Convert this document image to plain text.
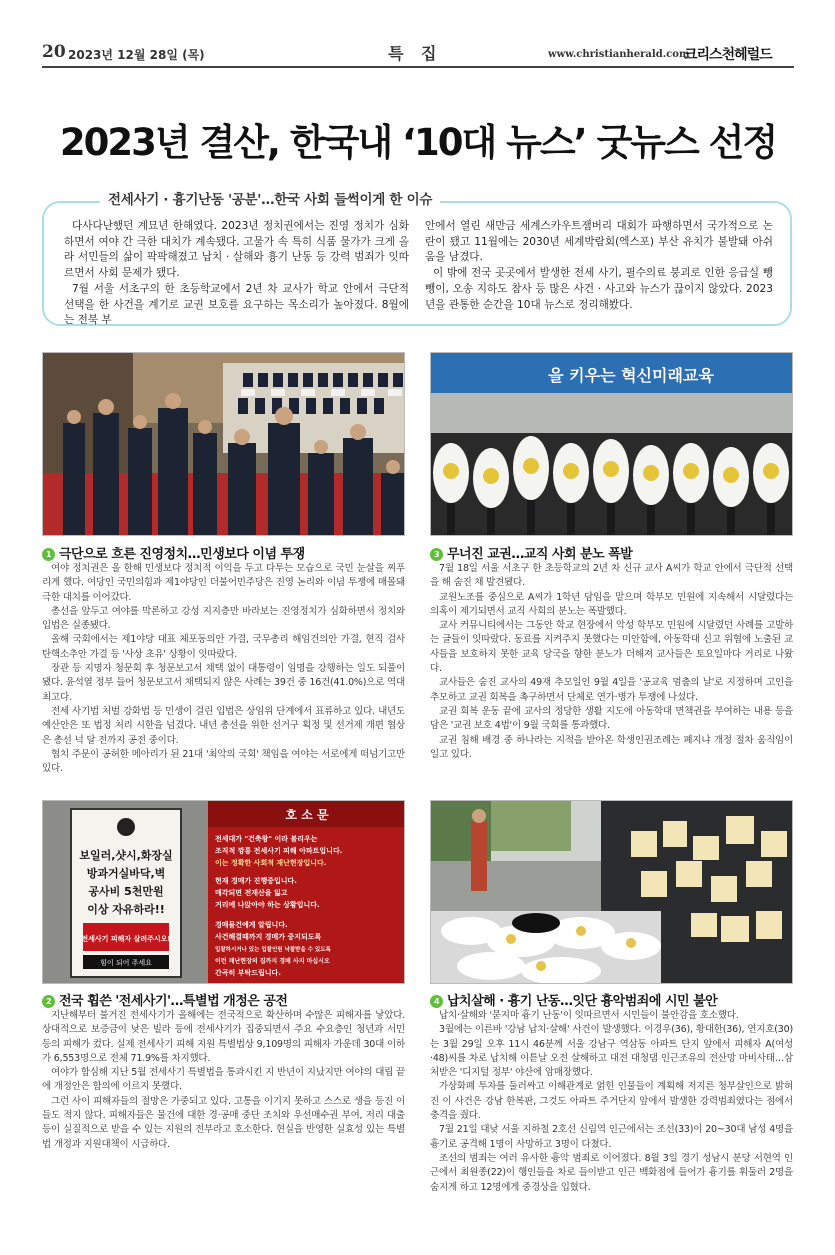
20 2023년 12월 28일 (목)	특 집	www.christianherald.com
크리스천헤럴드
2023년 결산, 한국내 ‘10대 뉴스’ 굿뉴스 선정
전세사기 · 흉기난동 '공분'…한국 사회 들썩이게 한 이슈

다사다난했던 계묘년 한해였다. 2023년 정치권에서는 진영 정치가 심화하면서 여야 간 극한 대치가 계속됐다. 고물가 속 특히 식품 물가가 크게 올라 서민들의 삶이 팍팍해졌고 납치 · 살해와 흉기 난동 등 강력 범죄가 잇따르면서 사회 문제가 됐다.

7월 서울 서초구의 한 초등학교에서 2년 차 교사가 학교 안에서 극단적 선택을 한 사건을 계기로 교권 보호를 요구하는 목소리가 높아졌다. 8월에는 전북 부

안에서 열린 새만금 세계스카우트잼버리 대회가 파행하면서 국가적으로 논란이 됐고 11월에는 2030년 세계박람회(엑스포) 부산 유치가 불발돼 아쉬움을 남겼다.

이 밖에 전국 곳곳에서 발생한 전세 사기, 필수의료 붕괴로 인한 응급실 뺑뺑이, 오송 지하도 참사 등 많은 사건 · 사고와 뉴스가 끊이지 않았다. 2023년을 관통한 순간을 10대 뉴스로 정리해봤다.

을 키우는 혁신미래교육
1 극단으로 흐른 진영정치…민생보다 이념 투쟁

여야 정치권은 올 한해 민생보다 정치적 이익을 두고 다투는 모습으로 국민 눈살을 찌푸리게 했다. 여당인 국민의힘과 제1야당인 더불어민주당은 진영 논리와 이념 투쟁에 매몰돼 극한 대치를 이어갔다.

총선을 앞두고 여야를 막론하고 강성 지지층만 바라보는 진영정치가 심화하면서 정치와 입법은 실종됐다.

올해 국회에서는 제1야당 대표 체포동의안 가결, 국무총리 해임건의안 가결, 현직 검사 탄핵소추안 가결 등 '사상 초유' 상황이 잇따랐다.

장관 등 지명자 청문회 후 청문보고서 채택 없이 대통령이 임명을 강행하는 일도 되풀이됐다. 윤석열 정부 들어 청문보고서 채택되지 않은 사례는 39건 중 16건(41.0%)으로 역대 최고다.

전세 사기법 처벌 강화법 등 민생이 걸린 입법은 상임위 단계에서 표류하고 있다. 내년도 예산안은 또 법정 처리 시한을 넘겼다. 내년 총선을 위한 선거구 획정 및 선거제 개편 협상은 총선 넉 달 전까지 공전 중이다.

협치 주문이 공허한 메아리가 된 21대 '최악의 국회' 책임을 여야는 서로에게 떠넘기고만 있다.

3 무너진 교권…교직 사회 분노 폭발

7월 18일 서울 서초구 한 초등학교의 2년 차 신규 교사 A씨가 학교 안에서 극단적 선택을 해 숨진 채 발견됐다.

교원노조를 중심으로 A씨가 1학년 담임을 맡으며 학부모 민원에 지속해서 시달렸다는 의혹이 제기되면서 교직 사회의 분노는 폭발했다.

교사 커뮤니티에서는 그동안 학교 현장에서 악성 학부모 민원에 시달렸던 사례를 고발하는 글들이 잇따랐다. 동료를 지켜주지 못했다는 미안함에, 아동학대 신고 위협에 노출된 교사들을 보호하지 못한 교육 당국을 향한 분노가 더해져 교사들은 토요일마다 거리로 나왔다.

교사들은 숨진 교사의 49재 추모일인 9월 4일을 '공교육 멈춤의 날'로 지정하며 고인을 추모하고 교권 회복을 촉구하면서 단체로 연가·병가 투쟁에 나섰다.

교권 회복 운동 끝에 교사의 정당한 생활 지도에 아동학대 면책권을 부여하는 내용 등을 담은 '교권 보호 4법'이 9월 국회를 통과했다.

교권 침해 배경 중 하나라는 지적을 받아온 학생인권조례는 폐지냐 개정 절차 움직임이 일고 있다.

보일러,샷시,화장실
방과거실바닥,벽
공사비 5천만원
이상 자유하라!!
전세사기 피해자 살려주시오!
힘이 되어 주세요
호 소 문
전세대가 "건축왕" 이라 불리우는
조직적 깡통 전세사기 피해 아파트입니다.
이는 정확한 사회적 재난현장입니다.
현재 경매가 진행중입니다.
매각되면 전재산을 잃고
거리에 나앉아야 하는 상황입니다.
경매물건에게 알립니다.
사건해결때까지 경매가 중지되도록
입찰하시거나 있는 입찰인원 낙찰받을 수 있도록
이런 재난현장의 집까지 경매 사지 마십시오
간곡히 부탁드립니다.
2 전국 휩쓴 '전세사기'…특별법 개정은 공전

지난해부터 불거진 전세사기가 올해에는 전국적으로 확산하며 수많은 피해자를 낳았다. 상대적으로 보증금이 낮은 빌라 등에 전세사기가 집중되면서 주요 수요층인 청년과 서민 등의 피해가 컸다. 실제 전세사기 피해 지원 특별법상 9,109명의 피해자 가운데 30대 이하가 6,553명으로 전체 71.9%를 차지했다.

여야가 합심해 지난 5월 전세사기 특별법을 통과시킨 지 반년이 지났지만 여야의 대립 끝에 개정안은 합의에 이르지 못했다.

그런 사이 피해자들의 절망은 가중되고 있다. 고통을 이기지 못하고 스스로 생을 등진 이들도 적지 않다. 피해자들은 물건에 대한 경·공매 중단 조치와 우선매수권 부여, 저리 대출 등이 실질적으로 받을 수 있는 지원의 전부라고 호소한다. 현실을 반영한 실효성 있는 특별법 개정과 지원대책이 시급하다.

4 납치살해 · 흉기 난동…잇단 흉악범죄에 시민 불안

납치·살해와 '묻지마 흉기 난동'이 잇따르면서 시민들이 불안감을 호소했다.

3월에는 이른바 '강남 납치·살해' 사건이 발생했다. 이경우(36), 황대한(36), 연지호(30)는 3월 29일 오후 11시 46분께 서울 강남구 역삼동 아파트 단지 앞에서 피해자 A(여성·48)씨를 차로 납치해 이튿날 오전 살해하고 대전 대청댐 인근조유의 전산망 마비사태…삼처받은 '디지털 정부' 야산에 암매장했다.

가상화폐 투자를 둘러싸고 이해관계로 얽힌 인물들이 계획해 저지른 청부살인으로 밝혀진 이 사건은 강남 한복판, 그것도 아파트 주거단지 앞에서 발생한 강력범죄였다는 점에서 충격을 줬다.

7월 21일 대낮 서울 지하철 2호선 신림역 인근에서는 조선(33)이 20~30대 남성 4명을 흉기로 공격해 1명이 사망하고 3명이 다쳤다.

조선의 범죄는 여러 유사한 흉악 범죄로 이어졌다. 8월 3일 경기 성남시 분당 서현역 인근에서 최원종(22)이 행인들을 차로 들이받고 인근 백화점에 들어가 흉기를 휘둘러 2명을 숨지게 하고 12명에게 중경상을 입혔다.
